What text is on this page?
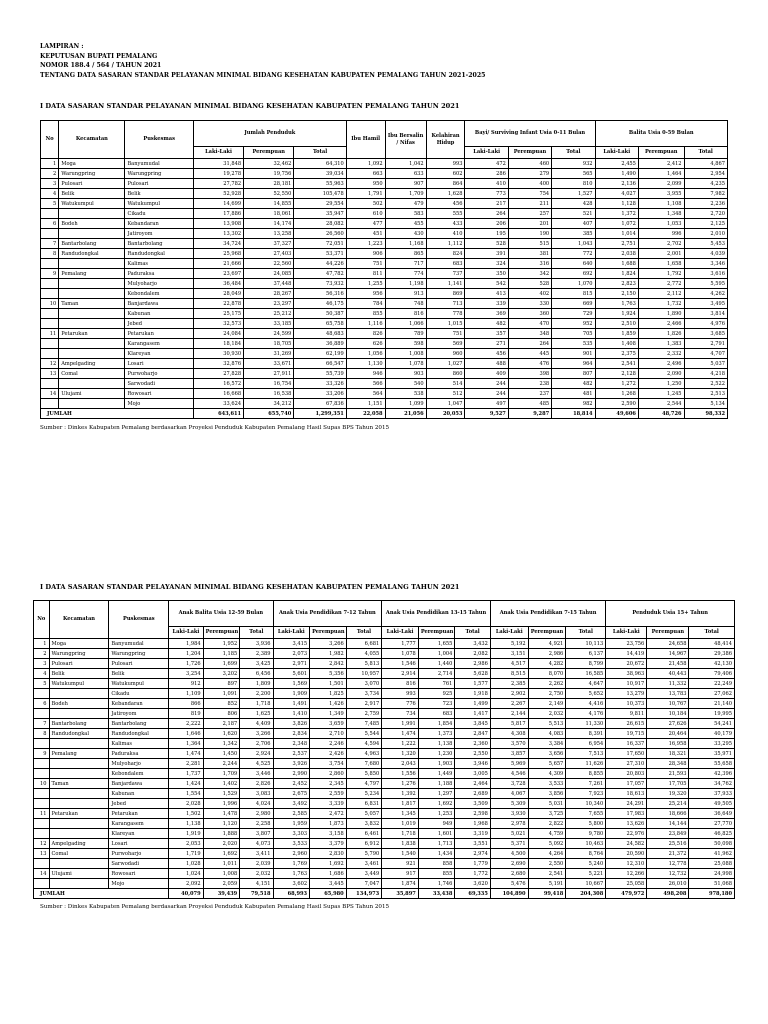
LAMPIRAN :
KEPUTUSAN BUPATI PEMALANG
NOMOR 188.4 / 564 / TAHUN 2021
TENTANG DATA SASARAN STANDAR PELAYANAN MINIMAL BIDANG KESEHATAN KABUPATEN PEMALANG TAHUN 2021-2025
I DATA SASARAN STANDAR PELAYANAN MINIMAL BIDANG KESEHATAN KABUPATEN PEMALANG TAHUN 2021
No	Kecamatan	Puskesmas	Jumlah Penduduk			Ibu Hamil	Ibu Bersalin / Nifas	Kelahiran Hidup	Bayi/ Surviving Infant Usia 0-11 Bulan			Balita Usia 0-59 Bulan		
			Laki-Laki	Perempuan	Total				Laki-Laki	Perempuan	Total	Laki-Laki	Perempuan	Total
1	Moga	Banyumudal	31,848	32,462	64,310	1,092	1,042	993	472	460	932	2,455	2,412	4,867
2	Warungpring	Warungpring	19,278	19,756	39,034	663	633	602	286	279	565	1,490	1,464	2,954
3	Pulosari	Pulosari	27,782	28,181	55,963	950	907	864	410	400	810	2,136	2,099	4,235
4	Belik	Belik	52,928	52,550	105,478	1,791	1,709	1,628	773	754	1,527	4,027	3,955	7,982
5	Watukumpul	Watukumpul	14,699	14,855	29,554	502	479	456	217	211	428	1,128	1,108	2,236
		Cikadu	17,886	18,061	35,947	610	583	555	264	257	521	1,372	1,348	2,720
6	Bodeh	Kebandaran	13,908	14,174	28,082	477	455	433	206	201	407	1,072	1,053	2,125
		Jatiroyom	13,302	13,258	26,560	451	430	410	195	190	385	1,014	996	2,010
7	Bantarbolang	Bantarbolang	34,724	37,327	72,051	1,223	1,168	1,112	528	515	1,043	2,751	2,702	5,453
8	Randudongkal	Randudongkal	25,968	27,403	53,371	906	865	824	391	381	772	2,038	2,001	4,039
		Kalimas	21,666	22,560	44,226	751	717	683	324	316	640	1,688	1,658	3,346
9	Pemalang	Paduraksa	23,697	24,085	47,782	811	774	737	350	342	692	1,824	1,792	3,616
		Mulyoharjo	36,484	37,448	73,932	1,255	1,198	1,141	542	528	1,070	2,823	2,772	5,595
		Kebondalem	28,049	28,267	56,316	956	913	869	413	402	815	2,150	2,112	4,262
10	Taman	Banjardawa	22,878	23,297	46,175	784	748	713	339	330	669	1,763	1,732	3,495
		Kabunan	25,175	25,212	50,387	855	816	778	369	360	729	1,924	1,890	3,814
		Jebed	32,573	33,185	65,758	1,116	1,066	1,015	482	470	952	2,510	2,466	4,976
11	Petarukan	Petarukan	24,084	24,599	48,683	826	789	751	357	348	705	1,859	1,826	3,685
		Karangasem	18,184	18,705	36,889	626	598	569	271	264	535	1,408	1,383	2,791
		Klareyan	30,930	31,269	62,199	1,056	1,008	960	456	445	901	2,375	2,332	4,707
12	Ampelgading	Losari	32,876	33,671	66,547	1,130	1,078	1,027	488	476	964	2,541	2,496	5,037
13	Comal	Purwoharjo	27,828	27,911	55,739	946	903	860	409	398	807	2,128	2,090	4,218
		Sarwodadi	16,572	16,754	33,326	566	540	514	244	238	482	1,272	1,250	2,522
14	Ulujami	Rowosari	16,668	16,538	33,206	564	538	512	244	237	481	1,268	1,245	2,513
		Mojo	33,624	34,212	67,836	1,151	1,099	1,047	497	485	982	2,590	2,544	5,134
JUMLAH			643,611	655,740	1,299,351	22,058	21,056	20,053	9,527	9,287	18,814	49,606	48,726	98,332
Sumber : Dinkes Kabupaten Pemalang berdasarkan Proyeksi Penduduk Kabupaten Pemalang Hasil Supas BPS Tahun 2015
I DATA SASARAN STANDAR PELAYANAN MINIMAL BIDANG KESEHATAN KABUPATEN PEMALANG TAHUN 2021
No	Kecamatan	Puskesmas	Anak Balita Usia 12-59 Bulan			Anak Usia Pendidikan 7-12 Tahun			Anak Usia Pendidikan 13-15 Tahun			Anak Usia Pendidikan 7-15 Tahun			Penduduk Usia 15+ Tahun		
			Laki-Laki	Perempuan	Total	Laki-Laki	Perempuan	Total	Laki-Laki	Perempuan	Total	Laki-Laki	Perempuan	Total	Laki-Laki	Perempuan	Total
1	Moga	Banyumudal	1,984	1,952	3,936	3,415	3,266	6,681	1,777	1,655	3,432	5,192	4,921	10,113	23,756	24,658	48,414
2	Warungpring	Warungpring	1,204	1,185	2,389	2,073	1,982	4,055	1,078	1,004	2,082	3,151	2,986	6,137	14,419	14,967	29,386
3	Pulosari	Pulosari	1,726	1,699	3,425	2,971	2,842	5,813	1,546	1,440	2,986	4,517	4,282	8,799	20,672	21,458	42,130
4	Belik	Belik	3,254	3,202	6,456	5,601	5,356	10,957	2,914	2,714	5,628	8,515	8,070	16,585	38,963	40,443	79,406
5	Watukumpul	Watukumpul	912	897	1,809	1,569	1,501	3,070	816	761	1,577	2,385	2,262	4,647	10,917	11,332	22,249
		Cikadu	1,109	1,091	2,200	1,909	1,825	3,734	993	925	1,918	2,902	2,750	5,652	13,279	13,783	27,062
6	Bodeh	Kebandaran	866	852	1,718	1,491	1,426	2,917	776	723	1,499	2,267	2,149	4,416	10,373	10,767	21,140
		Jatiroyom	819	806	1,625	1,410	1,349	2,759	734	683	1,417	2,144	2,032	4,176	9,811	10,184	19,995
7	Bantarbolang	Bantarbolang	2,222	2,187	4,409	3,826	3,659	7,485	1,991	1,854	3,845	5,817	5,513	11,330	26,615	27,626	54,241
8	Randudongkal	Randudongkal	1,646	1,620	3,266	2,834	2,710	5,544	1,474	1,373	2,847	4,308	4,083	8,391	19,715	20,464	40,179
		Kalimas	1,364	1,342	2,706	2,348	2,246	4,594	1,222	1,138	2,360	3,570	3,384	6,954	16,337	16,958	33,295
9	Pemalang	Paduraksa	1,474	1,450	2,924	2,537	2,426	4,963	1,320	1,230	2,550	3,857	3,656	7,513	17,650	18,321	35,971
		Mulyoharjo	2,281	2,244	4,525	3,926	3,754	7,680	2,043	1,903	3,946	5,969	5,657	11,626	27,310	28,348	55,658
		Kebondalem	1,737	1,709	3,446	2,990	2,860	5,850	1,556	1,449	3,005	4,546	4,309	8,855	20,803	21,593	42,396
10	Taman	Banjardawa	1,424	1,402	2,826	2,452	2,345	4,797	1,276	1,188	2,464	3,728	3,533	7,261	17,057	17,705	34,762
		Kabunan	1,554	1,529	3,083	2,675	2,559	5,234	1,392	1,297	2,689	4,067	3,856	7,923	18,613	19,320	37,933
		Jebed	2,028	1,996	4,024	3,492	3,339	6,831	1,817	1,692	3,509	5,309	5,031	10,340	24,291	25,214	49,505
11	Petarukan	Petarukan	1,502	1,478	2,980	2,585	2,472	5,057	1,345	1,253	2,598	3,930	3,725	7,655	17,983	18,666	36,649
		Karangasem	1,138	1,120	2,258	1,959	1,873	3,832	1,019	949	1,968	2,978	2,822	5,800	13,626	14,144	27,770
		Klareyan	1,919	1,888	3,807	3,303	3,158	6,461	1,718	1,601	3,319	5,021	4,759	9,780	22,976	23,849	46,825
12	Ampelgading	Losari	2,053	2,020	4,073	3,533	3,379	6,912	1,838	1,713	3,551	5,371	5,092	10,463	24,582	25,516	50,098
13	Comal	Purwoharjo	1,719	1,692	3,411	2,960	2,830	5,790	1,540	1,434	2,974	4,500	4,264	8,764	20,590	21,372	41,962
		Sarwodadi	1,028	1,011	2,039	1,769	1,692	3,461	921	858	1,779	2,690	2,550	5,240	12,310	12,778	25,088
14	Ulujami	Rowosari	1,024	1,008	2,032	1,763	1,686	3,449	917	855	1,772	2,680	2,541	5,221	12,266	12,732	24,998
		Mojo	2,092	2,059	4,151	3,602	3,445	7,047	1,874	1,746	3,620	5,476	5,191	10,667	25,058	26,010	51,068
JUMLAH			40,079	39,439	79,518	68,993	65,980	134,973	35,897	33,438	69,335	104,890	99,418	204,308	479,972	498,208	978,180
Sumber : Dinkes Kabupaten Pemalang berdasarkan Proyeksi Penduduk Kabupaten Pemalang Hasil Supas BPS Tahun 2015
